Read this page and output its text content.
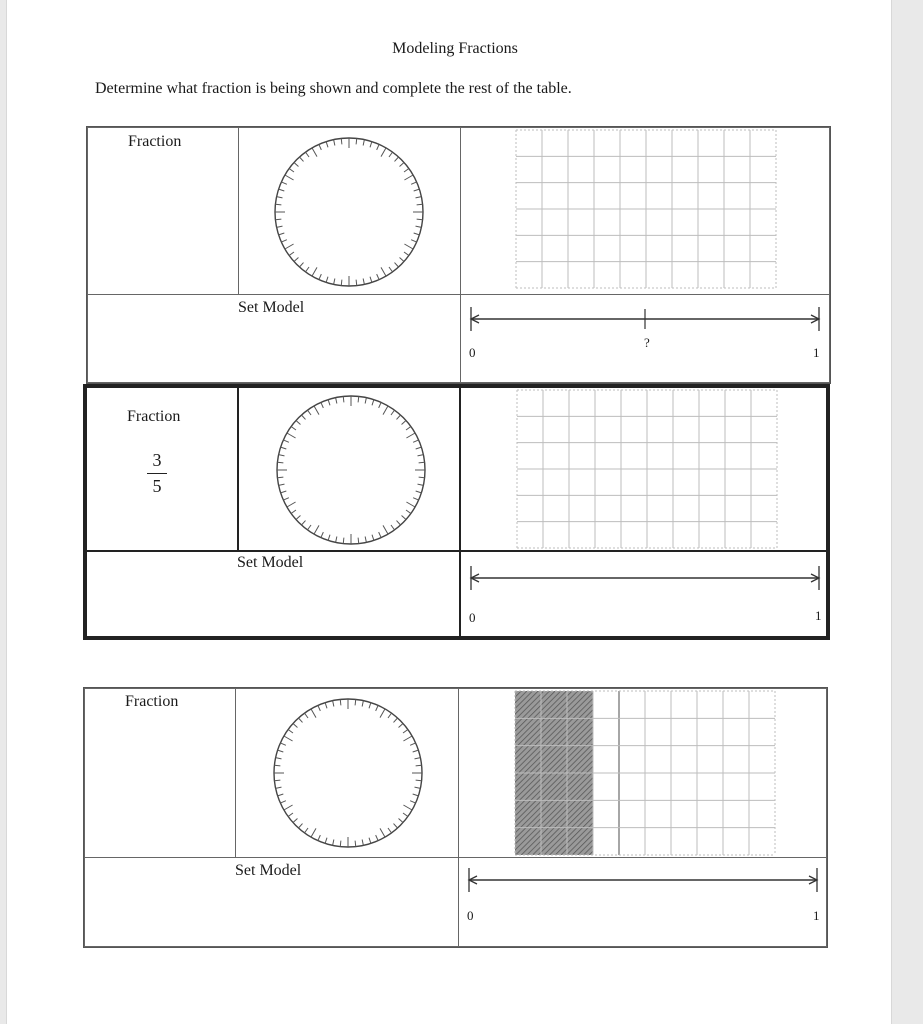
Modeling Fractions
Determine what fraction is being shown and complete the rest of the table.
Fraction
Set Model
0
?
1
Fraction
3
5
Set Model
0	1
Fraction
Set Model
0	1
